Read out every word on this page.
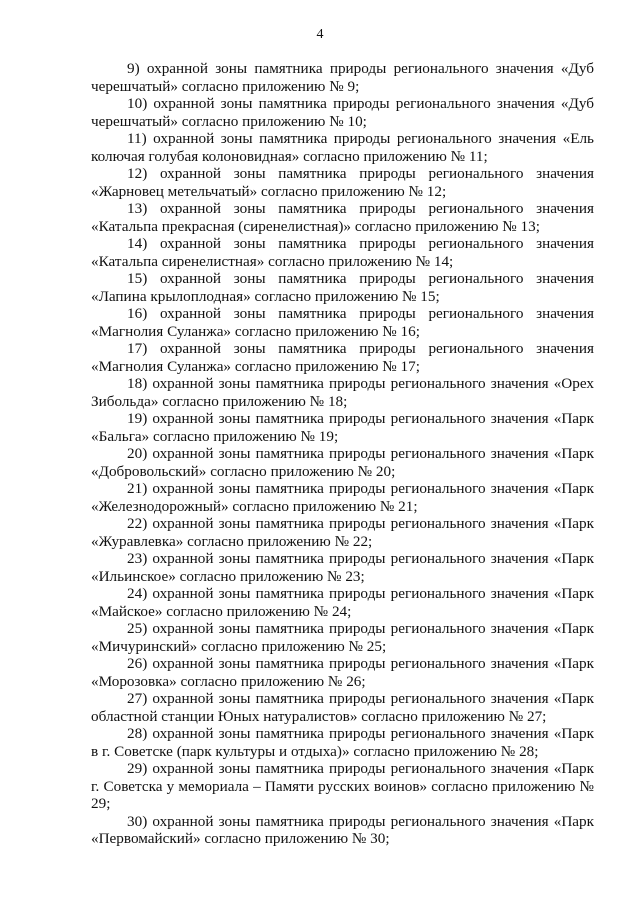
4

9) охранной зоны памятника природы регионального значения «Дуб черешчатый» согласно приложению № 9;

10) охранной зоны памятника природы регионального значения «Дуб черешчатый» согласно приложению № 10;

11) охранной зоны памятника природы регионального значения «Ель колючая голубая колоновидная» согласно приложению № 11;

12) охранной зоны памятника природы регионального значения «Жарновец метельчатый» согласно приложению № 12;

13) охранной зоны памятника природы регионального значения «Катальпа прекрасная (сиренелистная)» согласно приложению № 13;

14) охранной зоны памятника природы регионального значения «Катальпа сиренелистная» согласно приложению № 14;

15) охранной зоны памятника природы регионального значения «Лапина крылоплодная» согласно приложению № 15;

16) охранной зоны памятника природы регионального значения «Магнолия Суланжа» согласно приложению № 16;

17) охранной зоны памятника природы регионального значения «Магнолия Суланжа» согласно приложению № 17;

18) охранной зоны памятника природы регионального значения «Орех Зибольда» согласно приложению № 18;

19) охранной зоны памятника природы регионального значения «Парк «Бальга» согласно приложению № 19;

20) охранной зоны памятника природы регионального значения «Парк «Добровольский» согласно приложению № 20;

21) охранной зоны памятника природы регионального значения «Парк «Железнодорожный» согласно приложению № 21;

22) охранной зоны памятника природы регионального значения «Парк «Журавлевка» согласно приложению № 22;

23) охранной зоны памятника природы регионального значения «Парк «Ильинское» согласно приложению № 23;

24) охранной зоны памятника природы регионального значения «Парк «Майское» согласно приложению № 24;

25) охранной зоны памятника природы регионального значения «Парк «Мичуринский» согласно приложению № 25;

26) охранной зоны памятника природы регионального значения «Парк «Морозовка» согласно приложению № 26;

27) охранной зоны памятника природы регионального значения «Парк областной станции Юных натуралистов» согласно приложению № 27;

28) охранной зоны памятника природы регионального значения «Парк в г. Советске (парк культуры и отдыха)» согласно приложению № 28;

29) охранной зоны памятника природы регионального значения «Парк г. Советска у мемориала – Памяти русских воинов» согласно приложению № 29;

30) охранной зоны памятника природы регионального значения «Парк «Первомайский» согласно приложению № 30;
